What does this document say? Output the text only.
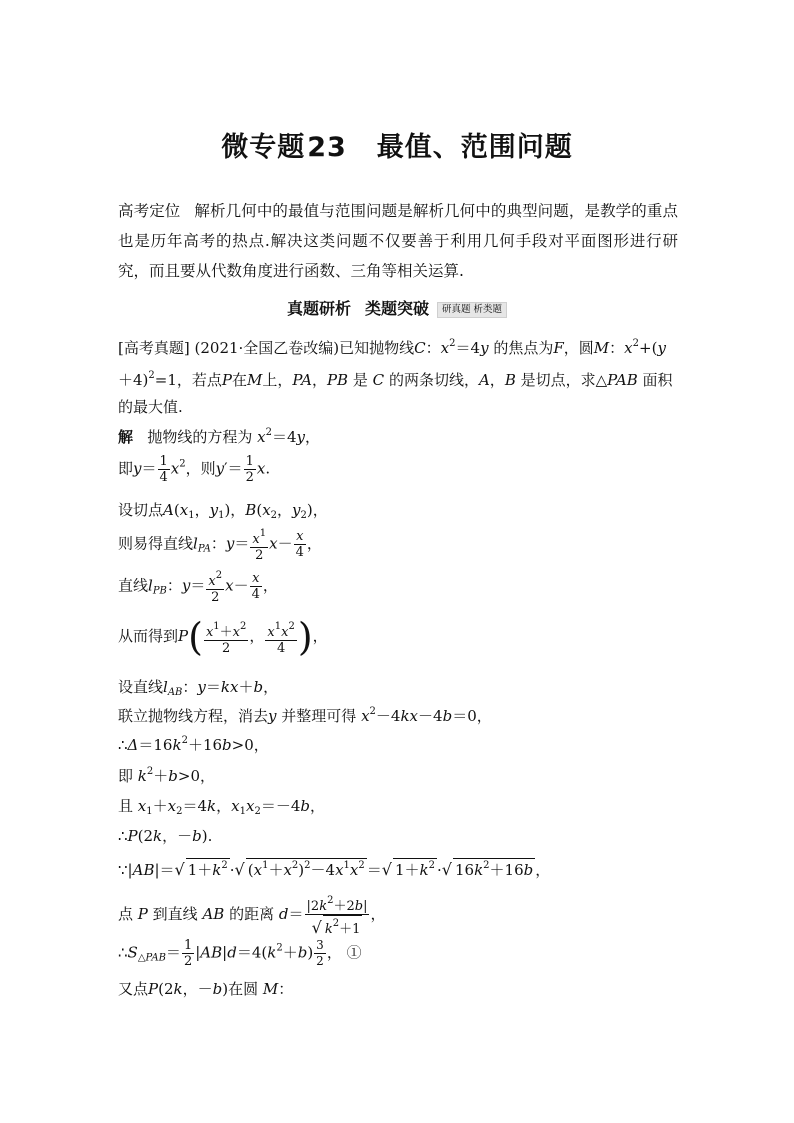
微专题23 最值、范围问题
高考定位 解析几何中的最值与范围问题是解析几何中的典型问题，是教学的重点也是历年高考的热点.解决这类问题不仅要善于利用几何手段对平面图形进行研究，而且要从代数角度进行函数、三角等相关运算.
真题研析 类题突破 研真题 析类题
[高考真题] (2021·全国乙卷改编)已知抛物线C：$x^2=4y$ 的焦点为F，圆M：$x^2+(y+4)^2=1$，若点P在M上，PA，PB 是 C 的两条切线，A，B 是切点，求△PAB 面积的最大值.
解 抛物线的方程为 $x^2=4y$，
即$y= \frac{1}{4} x^2$，则$y'= \frac{1}{2} x$.
设切点$A(x_1$，$y_1$)，$B(x_2$，$y_2$)，
则易得直线$l_{PA}$：$y= \frac{x^1}{2} x- \frac{x}{4}$ ，
直线$l_{PB}$：$y= \frac{x^2}{2} x- \frac{x}{4}$ ，
从而得到$P( \frac{x^1+x^2}{2}$ ， $\frac{x^1x^2}{4}$ )，
设直线$l_{AB}$：y＝kx＋b，
联立抛物线方程，消去y 并整理可得 $x^2-4kx-4b=0$，
$\therefore\Delta=16k^2+16b>0$，
即 $k^2+b>0$，
且 $x_1+x_2=4k$，$x_1x_2=-4b$，
∴P(2k，－b).
∵|AB|＝√ $1+k^2$ ·√ $(x^1+x^2)^2-4x^1x^2$ ＝√ $1+k^2$ ·√ $16k^2+16b$ ，
点 P 到直线 AB 的距离 $d= \frac{|2k^2+2b|}{√ k^2+1}$ ，
$\therefore S_{\triangle PAB}= \frac{1}{2} |AB|d=4(k^2+b) \frac{3}{2}$ ， ①
又点P(2k，－b)在圆 M：
